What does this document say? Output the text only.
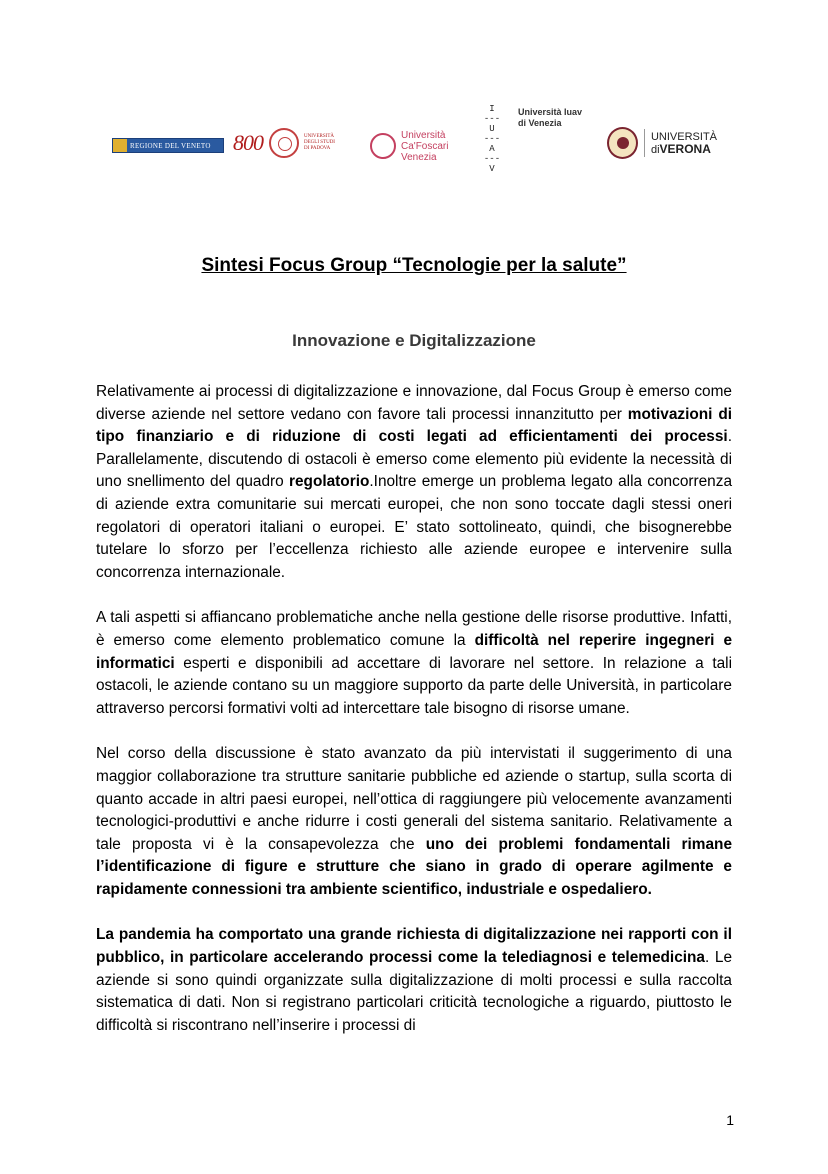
REGIONE DEL VENETO 800	UNIVERSITÀ
DEGLI STUDI
DI PADOVA
Università
Ca'Foscari
Venezia
I
---
U
---
A
---
V
Università Iuav
di Venezia
UNIVERSITÀ
diVERONA
Sintesi Focus Group “Tecnologie per la salute”
Innovazione e Digitalizzazione

Relativamente ai processi di digitalizzazione e innovazione, dal Focus Group è emerso come diverse aziende nel settore vedano con favore tali processi innanzitutto per motivazioni di tipo finanziario e di riduzione di costi legati ad efficientamenti dei processi. Parallelamente, discutendo di ostacoli è emerso come elemento più evidente la necessità di uno snellimento del quadro regolatorio.Inoltre emerge un problema legato alla concorrenza di aziende extra comunitarie sui mercati europei, che non sono toccate dagli stessi oneri regolatori di operatori italiani o europei. E’ stato sottolineato, quindi, che bisognerebbe tutelare lo sforzo per l’eccellenza richiesto alle aziende europee e intervenire sulla concorrenza internazionale.

A tali aspetti si affiancano problematiche anche nella gestione delle risorse produttive. Infatti, è emerso come elemento problematico comune la difficoltà nel reperire ingegneri e informatici esperti e disponibili ad accettare di lavorare nel settore. In relazione a tali ostacoli, le aziende contano su un maggiore supporto da parte delle Università, in particolare attraverso percorsi formativi volti ad intercettare tale bisogno di risorse umane.

Nel corso della discussione è stato avanzato da più intervistati il suggerimento di una maggior collaborazione tra strutture sanitarie pubbliche ed aziende o startup, sulla scorta di quanto accade in altri paesi europei, nell’ottica di raggiungere più velocemente avanzamenti tecnologici-produttivi e anche ridurre i costi generali del sistema sanitario. Relativamente a tale proposta vi è la consapevolezza che uno dei problemi fondamentali rimane l’identificazione di figure e strutture che siano in grado di operare agilmente e rapidamente connessioni tra ambiente scientifico, industriale e ospedaliero.

La pandemia ha comportato una grande richiesta di digitalizzazione nei rapporti con il pubblico, in particolare accelerando processi come la telediagnosi e telemedicina. Le aziende si sono quindi organizzate sulla digitalizzazione di molti processi e sulla raccolta sistematica di dati. Non si registrano particolari criticità tecnologiche a riguardo, piuttosto le difficoltà si riscontrano nell’inserire i processi di

1
